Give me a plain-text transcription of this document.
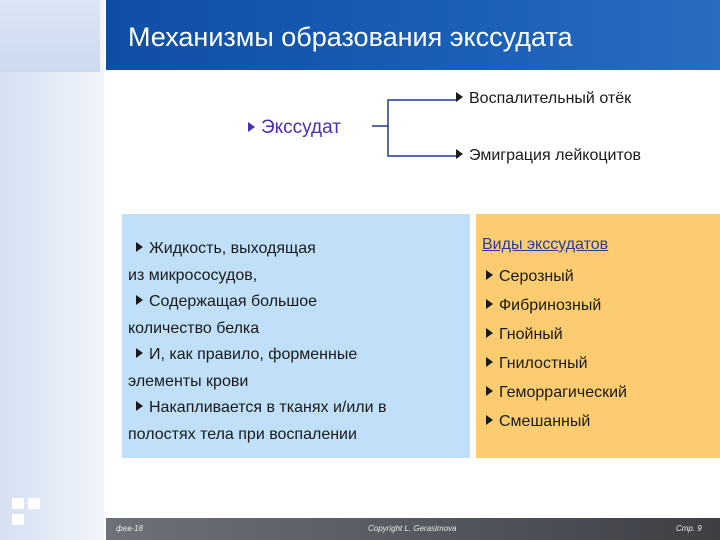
Механизмы образования экссудата
Экссудат
Воспалительный отёк
Эмиграция лейкоцитов
Жидкость, выходящая
из микрососудов,
Содержащая большое
количество белка
И, как правило, форменные
элементы крови
Накапливается в тканях и/или в
полостях тела при воспалении
Виды экссудатов
Серозный
Фибринозный
Гнойный
Гнилостный
Геморрагический
Смешанный
фев-18	Copyright L. Gerasimova	Стр. 9
